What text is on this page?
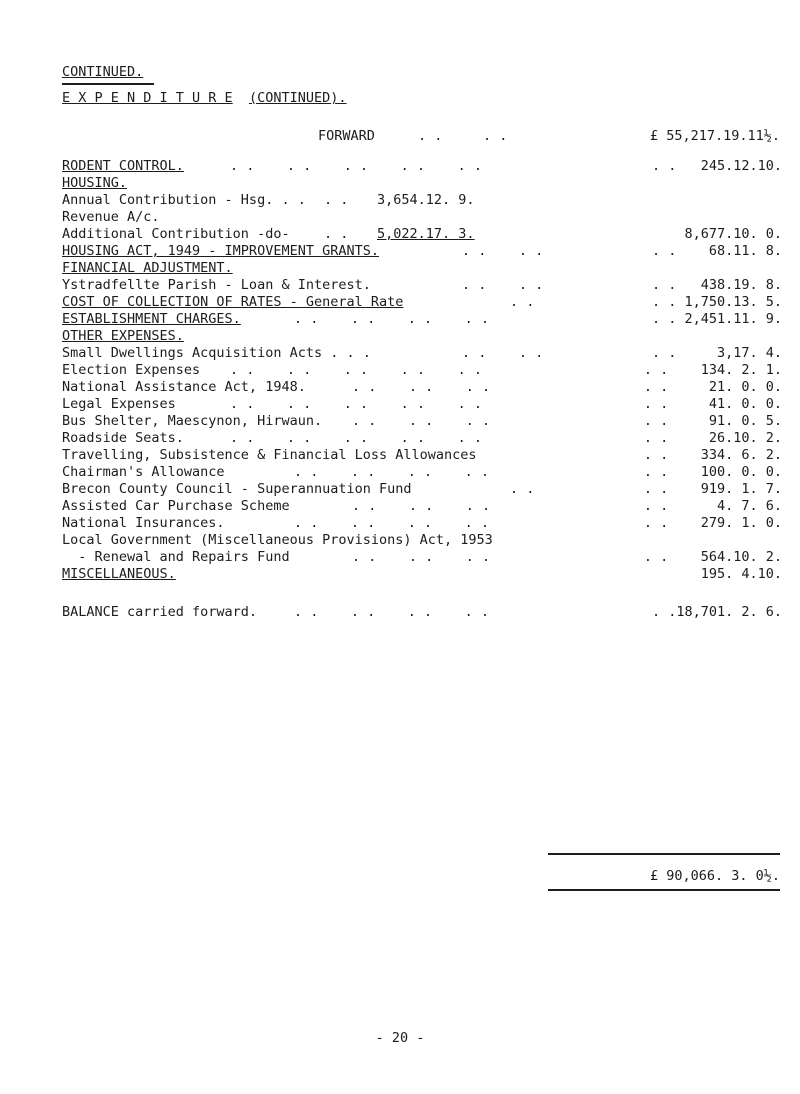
CONTINUED.
E X P E N D I T U R E (CONTINUED).
FORWARD	. .     . .	£ 55,217.19.11½.
RODENT CONTROL.	. .    . .    . .    . .    . .	. .   245.12.10.
HOUSING.
Annual Contribution - Hsg. . . . . 3,654.12. 9.
Revenue A/c.
Additional Contribution -do-	. . 5,022.17. 3.	8,677.10. 0.
HOUSING ACT, 1949 - IMPROVEMENT GRANTS.	. .    . .	. .    68.11. 8.
FINANCIAL ADJUSTMENT.
Ystradfellte Parish - Loan & Interest.	. .    . .	. .   438.19. 8.
COST OF COLLECTION OF RATES - General Rate	. .	. . 1,750.13. 5.
ESTABLISHMENT CHARGES.	. .    . .    . .    . .	. . 2,451.11. 9.
OTHER EXPENSES.
Small Dwellings Acquisition Acts . . .	. .    . .	. .     3,17. 4.
Election Expenses . .    . .    . .    . .    . .	. .    134. 2. 1.
National Assistance Act, 1948.	. .    . .    . .	. .     21. 0. 0.
Legal Expenses	. .    . .    . .    . .    . .	. .     41. 0. 0.
Bus Shelter, Maescynon, Hirwaun. . .    . .    . .	. .     91. 0. 5.
Roadside Seats.	. .    . .    . .    . .    . .	. .     26.10. 2.
Travelling, Subsistence & Financial Loss Allowances	. .    334. 6. 2.
Chairman's Allowance	. .    . .    . .    . .	. .    100. 0. 0.
Brecon County Council - Superannuation Fund	. .	. .    919. 1. 7.
Assisted Car Purchase Scheme	. .    . .    . .	. .      4. 7. 6.
National Insurances.	. .    . .    . .    . .	. .    279. 1. 0.
Local Government (Miscellaneous Provisions) Act, 1953
- Renewal and Repairs Fund	. .    . .    . .	. .    564.10. 2.
MISCELLANEOUS.	195. 4.10.
BALANCE carried forward.	. .    . .    . .    . .	. .18,701. 2. 6.
£ 90,066. 3. 0½.
- 20 -
